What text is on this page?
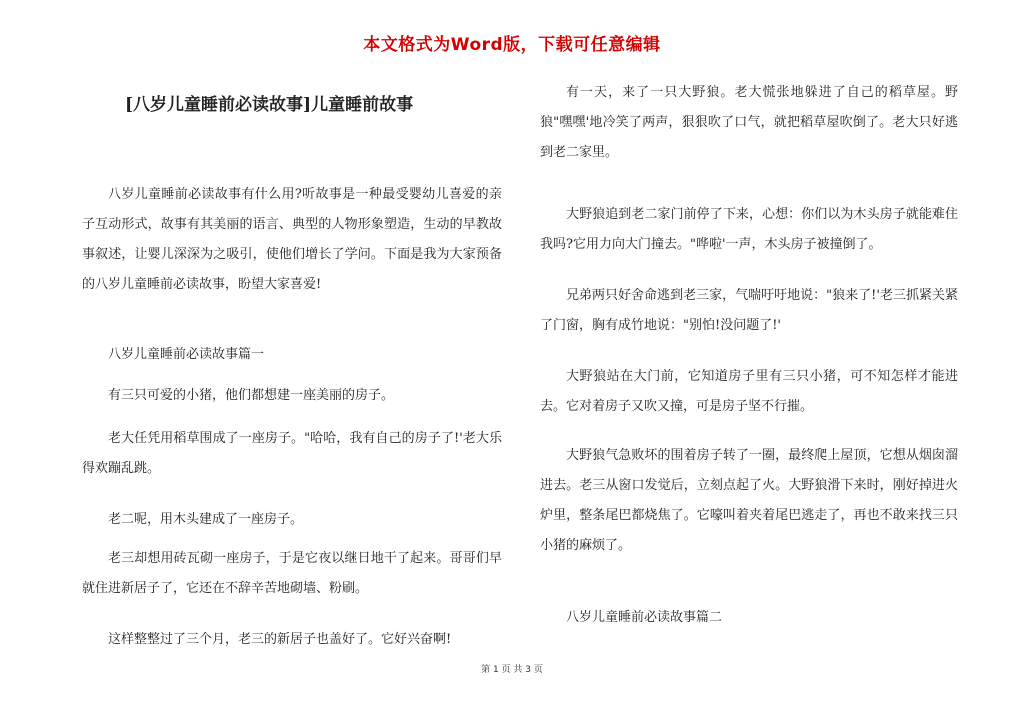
本文格式为Word版，下载可任意编辑
[八岁儿童睡前必读故事]儿童睡前故事

八岁儿童睡前必读故事有什么用?听故事是一种最受婴幼儿喜爱的亲子互动形式，故事有其美丽的语言、典型的人物形象塑造，生动的早教故事叙述，让婴儿深深为之吸引，使他们增长了学问。下面是我为大家预备的八岁儿童睡前必读故事，盼望大家喜爱!

八岁儿童睡前必读故事篇一

有三只可爱的小猪，他们都想建一座美丽的房子。

老大任凭用稻草围成了一座房子。"哈哈，我有自己的房子了!'老大乐得欢蹦乱跳。

老二呢，用木头建成了一座房子。

老三却想用砖瓦砌一座房子，于是它夜以继日地干了起来。哥哥们早就住进新居子了，它还在不辞辛苦地砌墙、粉刷。

这样整整过了三个月，老三的新居子也盖好了。它好兴奋啊!

有一天，来了一只大野狼。老大慌张地躲进了自己的稻草屋。野狼"嘿嘿'地冷笑了两声，狠狠吹了口气，就把稻草屋吹倒了。老大只好逃到老二家里。

大野狼追到老二家门前停了下来，心想：你们以为木头房子就能难住我吗?它用力向大门撞去。"哗啦'一声，木头房子被撞倒了。

兄弟两只好舍命逃到老三家，气喘吁吁地说："狼来了!'老三抓紧关紧了门窗，胸有成竹地说："别怕!没问题了!'

大野狼站在大门前，它知道房子里有三只小猪，可不知怎样才能进去。它对着房子又吹又撞，可是房子坚不行摧。

大野狼气急败坏的围着房子转了一圈，最终爬上屋顶，它想从烟囱溜进去。老三从窗口发觉后，立刻点起了火。大野狼滑下来时，刚好掉进火炉里，整条尾巴都烧焦了。它嚎叫着夹着尾巴逃走了，再也不敢来找三只小猪的麻烦了。

八岁儿童睡前必读故事篇二
第 1 页 共 3 页
